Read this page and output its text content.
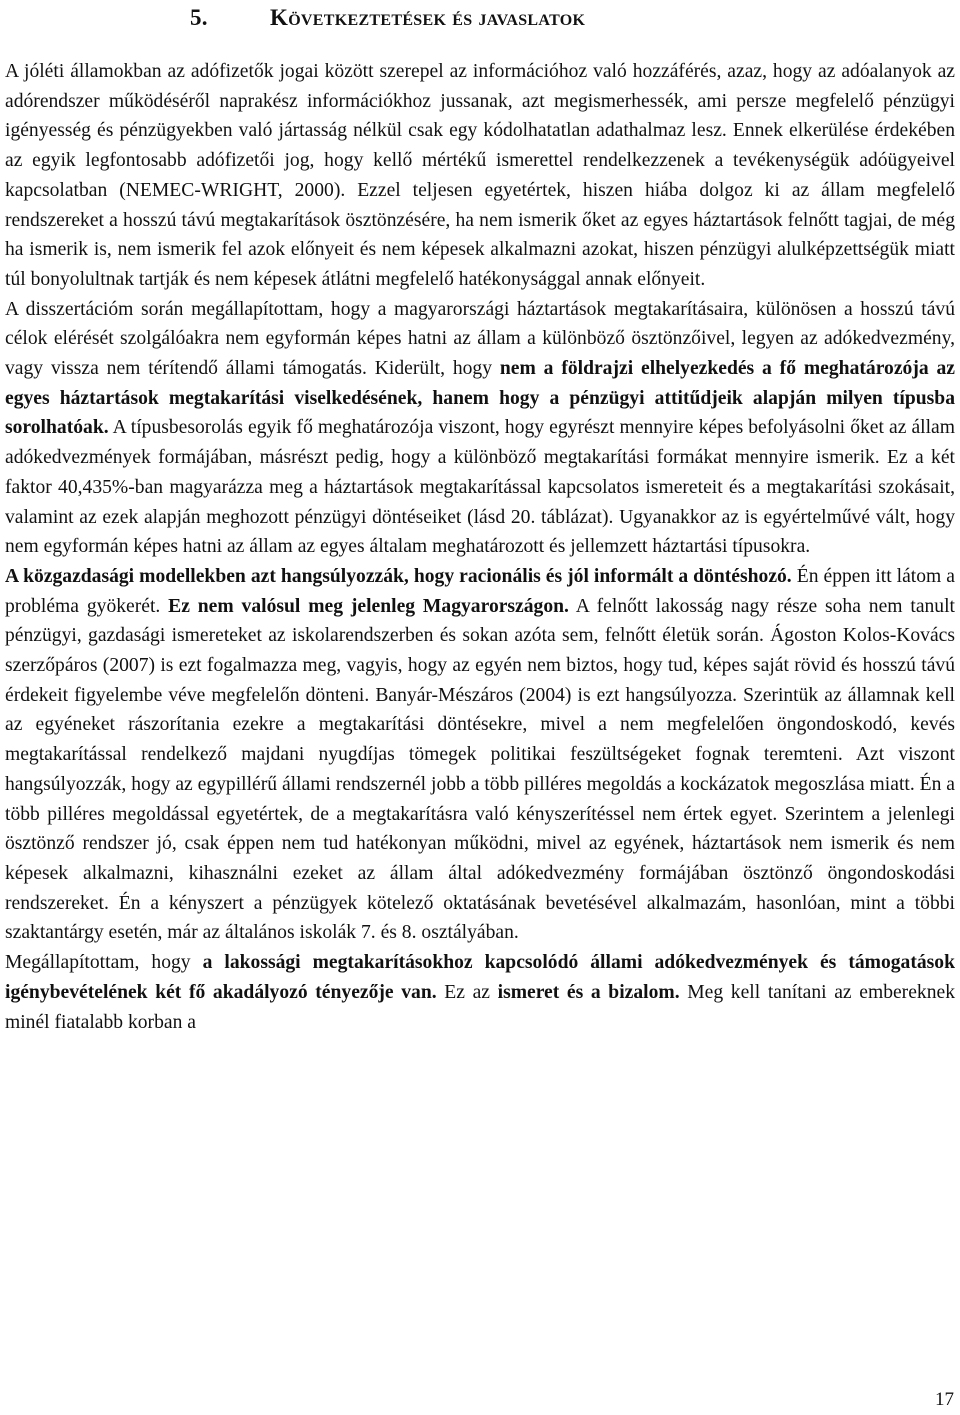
5.	Következtetések és javaslatok

A jóléti államokban az adófizetők jogai között szerepel az információhoz való hozzáférés, azaz, hogy az adóalanyok az adórendszer működéséről naprakész információkhoz jussanak, azt megismerhessék, ami persze megfelelő pénzügyi igényesség és pénzügyekben való jártasság nélkül csak egy kódolhatatlan adathalmaz lesz. Ennek elkerülése érdekében az egyik legfontosabb adófizetői jog, hogy kellő mértékű ismerettel rendelkezzenek a tevékenységük adóügyeivel kapcsolatban (NEMEC-WRIGHT, 2000). Ezzel teljesen egyetértek, hiszen hiába dolgoz ki az állam megfelelő rendszereket a hosszú távú megtakarítások ösztönzésére, ha nem ismerik őket az egyes háztartások felnőtt tagjai, de még ha ismerik is, nem ismerik fel azok előnyeit és nem képesek alkalmazni azokat, hiszen pénzügyi alulképzettségük miatt túl bonyolultnak tartják és nem képesek átlátni megfelelő hatékonysággal annak előnyeit.

A disszertációm során megállapítottam, hogy a magyarországi háztartások megtakarításaira, különösen a hosszú távú célok elérését szolgálóakra nem egyformán képes hatni az állam a különböző ösztönzőivel, legyen az adókedvezmény, vagy vissza nem térítendő állami támogatás. Kiderült, hogy nem a földrajzi elhelyezkedés a fő meghatározója az egyes háztartások megtakarítási viselkedésének, hanem hogy a pénzügyi attitűdjeik alapján milyen típusba sorolhatóak. A típusbesorolás egyik fő meghatározója viszont, hogy egyrészt mennyire képes befolyásolni őket az állam adókedvezmények formájában, másrészt pedig, hogy a különböző megtakarítási formákat mennyire ismerik. Ez a két faktor 40,435%-ban magyarázza meg a háztartások megtakarítással kapcsolatos ismereteit és a megtakarítási szokásait, valamint az ezek alapján meghozott pénzügyi döntéseiket (lásd 20. táblázat). Ugyanakkor az is egyértelművé vált, hogy nem egyformán képes hatni az állam az egyes általam meghatározott és jellemzett háztartási típusokra.

A közgazdasági modellekben azt hangsúlyozzák, hogy racionális és jól informált a döntéshozó. Én éppen itt látom a probléma gyökerét. Ez nem valósul meg jelenleg Magyarországon. A felnőtt lakosság nagy része soha nem tanult pénzügyi, gazdasági ismereteket az iskolarendszerben és sokan azóta sem, felnőtt életük során. Ágoston Kolos-Kovács szerzőpáros (2007) is ezt fogalmazza meg, vagyis, hogy az egyén nem biztos, hogy tud, képes saját rövid és hosszú távú érdekeit figyelembe véve megfelelőn dönteni. Banyár-Mészáros (2004) is ezt hangsúlyozza. Szerintük az államnak kell az egyéneket rászorítania ezekre a megtakarítási döntésekre, mivel a nem megfelelően öngondoskodó, kevés megtakarítással rendelkező majdani nyugdíjas tömegek politikai feszültségeket fognak teremteni. Azt viszont hangsúlyozzák, hogy az egypillérű állami rendszernél jobb a több pilléres megoldás a kockázatok megoszlása miatt. Én a több pilléres megoldással egyetértek, de a megtakarításra való kényszerítéssel nem értek egyet. Szerintem a jelenlegi ösztönző rendszer jó, csak éppen nem tud hatékonyan működni, mivel az egyének, háztartások nem ismerik és nem képesek alkalmazni, kihasználni ezeket az állam által adókedvezmény formájában ösztönző öngondoskodási rendszereket. Én a kényszert a pénzügyek kötelező oktatásának bevetésével alkalmazám, hasonlóan, mint a többi szaktantárgy esetén, már az általános iskolák 7. és 8. osztályában.

Megállapítottam, hogy a lakossági megtakarításokhoz kapcsolódó állami adókedvezmények és támogatások igénybevételének két fő akadályozó tényezője van. Ez az ismeret és a bizalom. Meg kell tanítani az embereknek minél fiatalabb korban a

17
